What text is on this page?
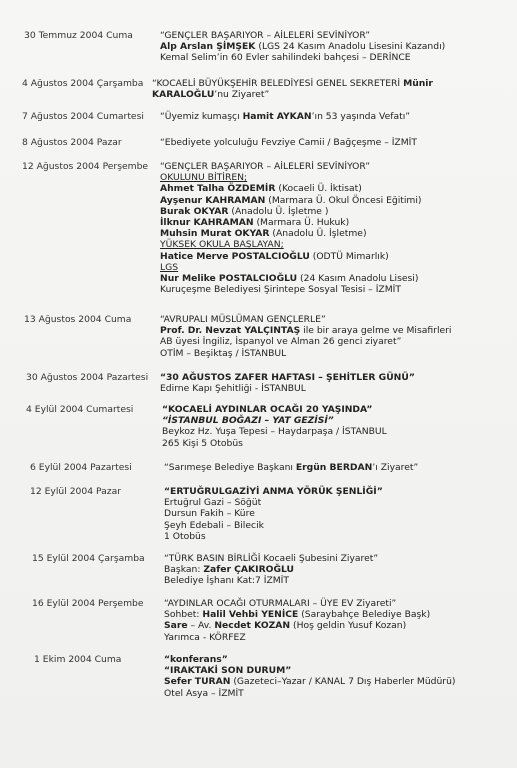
30 Temmuz 2004 Cuma	“GENÇLER BAŞARIYOR – AİLELERİ SEVİNİYOR”
Alp Arslan ŞİMŞEK (LGS 24 Kasım Anadolu Lisesini Kazandı)
Kemal Selim’in 60 Evler sahilindeki bahçesi – DERİNCE
4 Ağustos 2004 Çarşamba “KOCAELİ BÜYÜKŞEHİR BELEDİYESİ GENEL SEKRETERİ Münir
KARALOĞLU’nu Ziyaret”
7 Ağustos 2004 Cumartesi “Üyemiz kumaşçı Hamit AYKAN’ın 53 yaşında Vefatı”
8 Ağustos 2004 Pazar	“Ebediyete yolculuğu Fevziye Camii / Bağçeşme – İZMİT
12 Ağustos 2004 Perşembe “GENÇLER BAŞARIYOR – AİLELERİ SEVİNİYOR”
OKULUNU BİTİREN;
Ahmet Talha ÖZDEMİR (Kocaeli Ü. İktisat)
Ayşenur KAHRAMAN (Marmara Ü. Okul Öncesi Eğitimi)
Burak OKYAR (Anadolu Ü. İşletme )
İlknur KAHRAMAN (Marmara Ü. Hukuk)
Muhsin Murat OKYAR (Anadolu Ü. İşletme)
YÜKSEK OKULA BAŞLAYAN;
Hatice Merve POSTALCIOĞLU (ODTÜ Mimarlık)
LGS
Nur Melike POSTALCIOĞLU (24 Kasım Anadolu Lisesi)
Kuruçeşme Belediyesi Şirintepe Sosyal Tesisi – İZMİT
13 Ağustos 2004 Cuma	“AVRUPALI MÜSLÜMAN GENÇLERLE”
Prof. Dr. Nevzat YALÇINTAŞ ile bir araya gelme ve Misafirleri
AB üyesi İngiliz, İspanyol ve Alman 26 genci ziyaret”
OTİM – Beşiktaş / İSTANBUL
30 Ağustos 2004 Pazartesi “30 AĞUSTOS ZAFER HAFTASI – ŞEHİTLER GÜNÜ”
Edirne Kapı Şehitliği - İSTANBUL
4 Eylül 2004 Cumartesi	“KOCAELİ AYDINLAR OCAĞI 20 YAŞINDA”
“İSTANBUL BOĞAZI – YAT GEZİSİ”
Beykoz Hz. Yuşa Tepesi – Haydarpaşa / İSTANBUL
265 Kişi 5 Otobüs
6 Eylül 2004 Pazartesi	“Sarımeşe Belediye Başkanı Ergün BERDAN’ı Ziyaret”
12 Eylül 2004 Pazar	“ERTUĞRULGAZİYİ ANMA YÖRÜK ŞENLİĞİ”
Ertuğrul Gazi – Söğüt
Dursun Fakih – Küre
Şeyh Edebali – Bilecik
1 Otobüs
15 Eylül 2004 Çarşamba “TÜRK BASIN BİRLİĞİ Kocaeli Şubesini Ziyaret”
Başkan: Zafer ÇAKIROĞLU
Belediye İşhanı Kat:7 İZMİT
16 Eylül 2004 Perşembe “AYDINLAR OCAĞI OTURMALARI – ÜYE EV Ziyareti”
Sohbet: Halil Vehbi YENİCE (Saraybahçe Belediye Başk)
Sare – Av. Necdet KOZAN (Hoş geldin Yusuf Kozan)
Yarımca - KÖRFEZ
1 Ekim 2004 Cuma	“konferans”
“IRAKTAKİ SON DURUM”
Sefer TURAN (Gazeteci–Yazar / KANAL 7 Dış Haberler Müdürü)
Otel Asya – İZMİT
